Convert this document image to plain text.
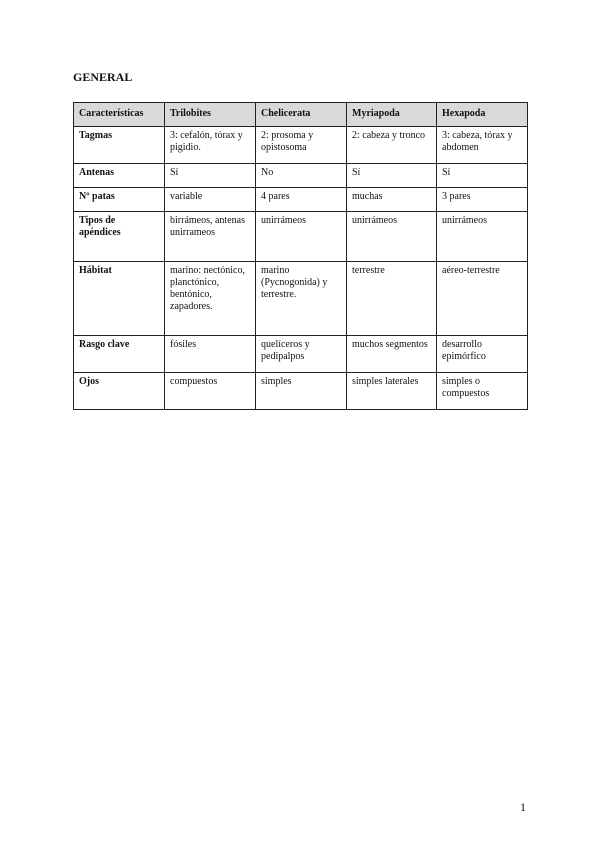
GENERAL
Características	Trilobites	Chelicerata	Myriapoda	Hexapoda
Tagmas	3: cefalón, tórax y pigidio.	2: prosoma y opistosoma	2: cabeza y tronco	3: cabeza, tórax y abdomen
Antenas	Sí	No	Sí	Sí
Nº patas	variable	4 pares	muchas	3 pares
Tipos de apéndices	birrámeos, antenas unirrameos	unirrámeos	unirrámeos	unirrámeos
Hábitat	marino: nectónico, planctónico, bentónico, zapadores.	marino (Pycnogonida) y terrestre.	terrestre	aéreo-terrestre
Rasgo clave	fósiles	quelíceros y pedipalpos	muchos segmentos	desarrollo epimórfico
Ojos	compuestos	simples	simples laterales	simples o compuestos
1
